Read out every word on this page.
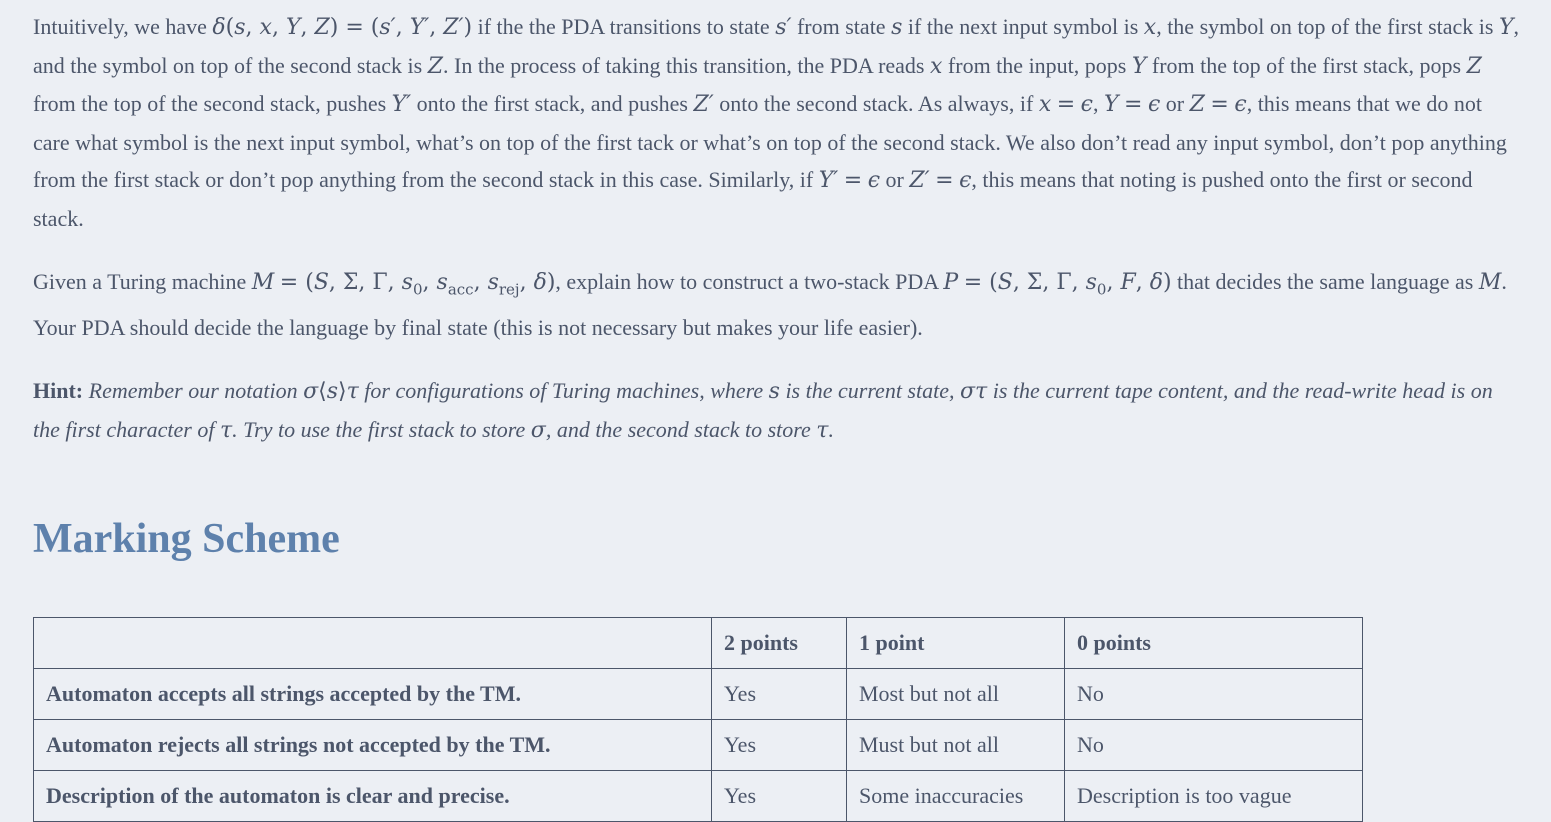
Intuitively, we have δ(s, x, Y, Z) = (s′, Y′, Z′) if the the PDA transitions to state s′ from state s if the next input symbol is x, the symbol on top of the first stack is Y, and the symbol on top of the second stack is Z. In the process of taking this transition, the PDA reads x from the input, pops Y from the top of the first stack, pops Z from the top of the second stack, pushes Y′ onto the first stack, and pushes Z′ onto the second stack. As always, if x = ϵ, Y = ϵ or Z = ϵ, this means that we do not care what symbol is the next input symbol, what’s on top of the first tack or what’s on top of the second stack. We also don’t read any input symbol, don’t pop anything from the first stack or don’t pop anything from the second stack in this case. Similarly, if Y′ = ϵ or Z′ = ϵ, this means that noting is pushed onto the first or second stack.

Given a Turing machine M = (S, Σ, Γ, $s_0$, $s_{acc}$, $s_{rej}$, δ), explain how to construct a two-stack PDA P = (S, Σ, Γ, $s_0$, F, δ) that decides the same language as M. Your PDA should decide the language by final state (this is not necessary but makes your life easier).

Hint: Remember our notation σ⟨s⟩τ for configurations of Turing machines, where s is the current state, στ is the current tape content, and the read-write head is on the first character of τ. Try to use the first stack to store σ, and the second stack to store τ.

Marking Scheme
	2 points	1 point	0 points
Automaton accepts all strings accepted by the TM.	Yes	Most but not all	No
Automaton rejects all strings not accepted by the TM.	Yes	Must but not all	No
Description of the automaton is clear and precise.	Yes	Some inaccuracies	Description is too vague
